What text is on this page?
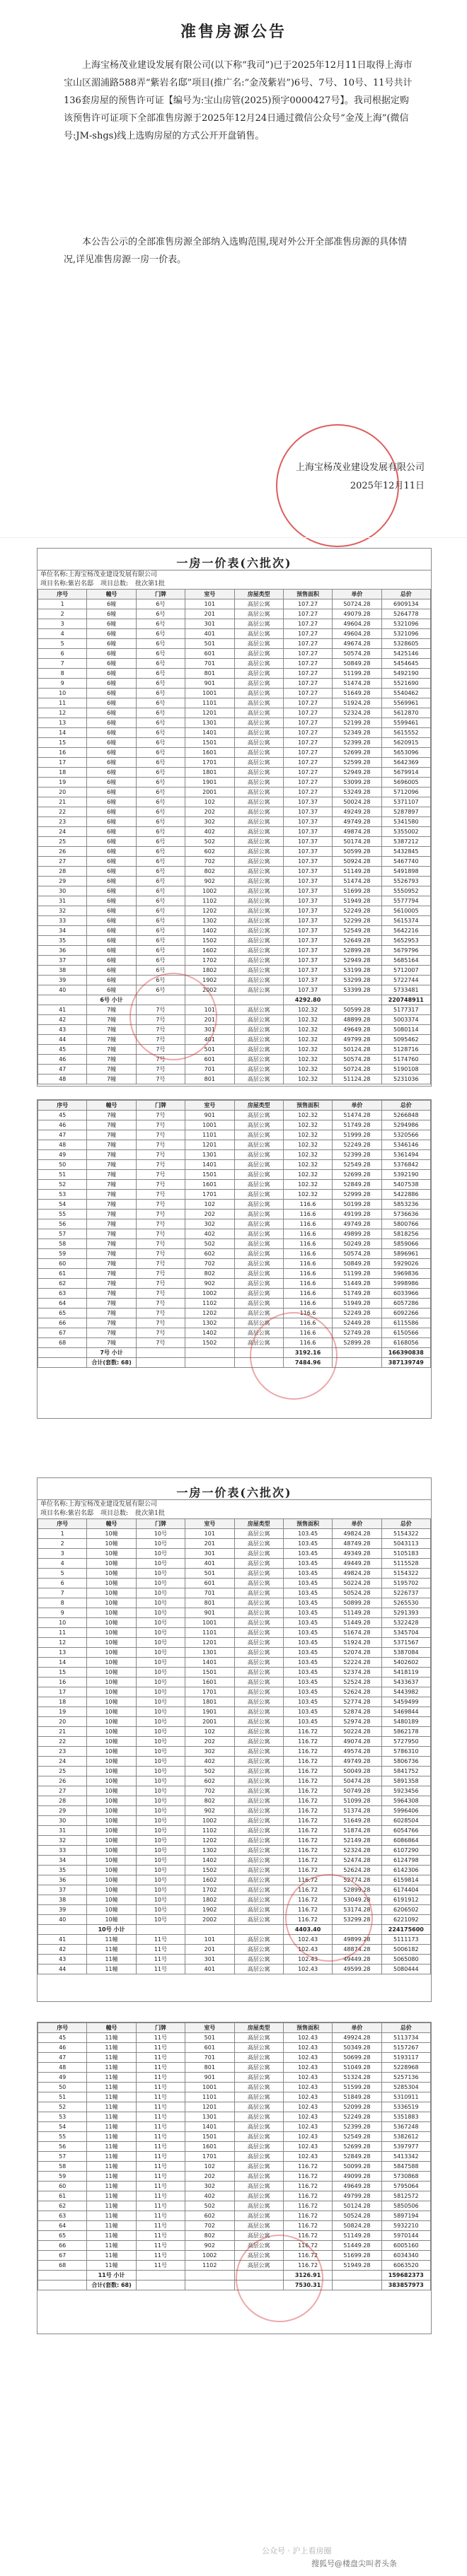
准售房源公告
上海宝杨茂业建设发展有限公司(以下称“我司”)已于2025年12月11日取得上海市宝山区湄浦路588弄“紫岩名邸”项目(推广名:“金茂紫岩”)6号、7号、10号、11号共计136套房屋的预售许可证【编号为:宝山房管(2025)预字0000427号】。我司根据定购该预售许可证项下全部准售房源于2025年12月24日通过微信公众号“金茂上海”(微信号:JM-shgs)线上选购房屋的方式公开开盘销售。
本公告公示的全部准售房源全部纳入选购范围,现对外公开全部准售房源的具体情况,详见准售房源一房一价表。
上海宝杨茂业建设发展有限公司
2025年12月11日
一房一价表(六批次)
单位名称:上海宝杨茂业建设发展有限公司
项目名称:紫岩名邸 项目总数: 批次第1批
序号	幢号	门牌	室号	房屋类型	预售面积	单价	总价
1	6幢	6号	101	高层公寓	107.27	50724.28	6909134
2	6幢	6号	201	高层公寓	107.27	49079.28	5264778
3	6幢	6号	301	高层公寓	107.27	49604.28	5321096
4	6幢	6号	401	高层公寓	107.27	49604.28	5321096
5	6幢	6号	501	高层公寓	107.27	49674.28	5328605
6	6幢	6号	601	高层公寓	107.27	50574.28	5425146
7	6幢	6号	701	高层公寓	107.27	50849.28	5454645
8	6幢	6号	801	高层公寓	107.27	51199.28	5492190
9	6幢	6号	901	高层公寓	107.27	51474.28	5521690
10	6幢	6号	1001	高层公寓	107.27	51649.28	5540462
11	6幢	6号	1101	高层公寓	107.27	51924.28	5569961
12	6幢	6号	1201	高层公寓	107.27	52324.28	5612870
13	6幢	6号	1301	高层公寓	107.27	52199.28	5599461
14	6幢	6号	1401	高层公寓	107.27	52349.28	5615552
15	6幢	6号	1501	高层公寓	107.27	52399.28	5620915
16	6幢	6号	1601	高层公寓	107.27	52699.28	5653096
17	6幢	6号	1701	高层公寓	107.27	52599.28	5642369
18	6幢	6号	1801	高层公寓	107.27	52949.28	5679914
19	6幢	6号	1901	高层公寓	107.27	53099.28	5696005
20	6幢	6号	2001	高层公寓	107.27	53249.28	5712096
21	6幢	6号	102	高层公寓	107.37	50024.28	5371107
22	6幢	6号	202	高层公寓	107.37	49249.28	5287897
23	6幢	6号	302	高层公寓	107.37	49749.28	5341580
24	6幢	6号	402	高层公寓	107.37	49874.28	5355002
25	6幢	6号	502	高层公寓	107.37	50174.28	5387212
26	6幢	6号	602	高层公寓	107.37	50599.28	5432845
27	6幢	6号	702	高层公寓	107.37	50924.28	5467740
28	6幢	6号	802	高层公寓	107.37	51149.28	5491898
29	6幢	6号	902	高层公寓	107.37	51474.28	5526793
30	6幢	6号	1002	高层公寓	107.37	51699.28	5550952
31	6幢	6号	1102	高层公寓	107.37	51949.28	5577794
32	6幢	6号	1202	高层公寓	107.37	52249.28	5610005
33	6幢	6号	1302	高层公寓	107.37	52299.28	5615374
34	6幢	6号	1402	高层公寓	107.37	52549.28	5642216
35	6幢	6号	1502	高层公寓	107.37	52649.28	5652953
36	6幢	6号	1602	高层公寓	107.37	52899.28	5679796
37	6幢	6号	1702	高层公寓	107.37	52949.28	5685164
38	6幢	6号	1802	高层公寓	107.37	53199.28	5712007
39	6幢	6号	1902	高层公寓	107.37	53299.28	5722744
40	6幢	6号	2002	高层公寓	107.37	53399.28	5733481
	6号 小计				4292.80		220748911
41	7幢	7号	101	高层公寓	102.32	50599.28	5177317
42	7幢	7号	201	高层公寓	102.32	48899.28	5003374
43	7幢	7号	301	高层公寓	102.32	49649.28	5080114
44	7幢	7号	401	高层公寓	102.32	49799.28	5095462
45	7幢	7号	501	高层公寓	102.32	50124.28	5128716
46	7幢	7号	601	高层公寓	102.32	50574.28	5174760
47	7幢	7号	701	高层公寓	102.32	50724.28	5190108
48	7幢	7号	801	高层公寓	102.32	51124.28	5231036
序号	幢号	门牌	室号	房屋类型	预售面积	单价	总价
45	7幢	7号	901	高层公寓	102.32	51474.28	5266848
46	7幢	7号	1001	高层公寓	102.32	51749.28	5294986
47	7幢	7号	1101	高层公寓	102.32	51999.28	5320566
48	7幢	7号	1201	高层公寓	102.32	52249.28	5346146
49	7幢	7号	1301	高层公寓	102.32	52399.28	5361494
50	7幢	7号	1401	高层公寓	102.32	52549.28	5376842
51	7幢	7号	1501	高层公寓	102.32	52699.28	5392190
52	7幢	7号	1601	高层公寓	102.32	52849.28	5407538
53	7幢	7号	1701	高层公寓	102.32	52999.28	5422886
54	7幢	7号	102	高层公寓	116.6	50199.28	5853236
55	7幢	7号	202	高层公寓	116.6	49199.28	5736636
56	7幢	7号	302	高层公寓	116.6	49749.28	5800766
57	7幢	7号	402	高层公寓	116.6	49899.28	5818256
58	7幢	7号	502	高层公寓	116.6	50249.28	5859066
59	7幢	7号	602	高层公寓	116.6	50574.28	5896961
60	7幢	7号	702	高层公寓	116.6	50849.28	5929026
61	7幢	7号	802	高层公寓	116.6	51199.28	5969836
62	7幢	7号	902	高层公寓	116.6	51449.28	5998986
63	7幢	7号	1002	高层公寓	116.6	51749.28	6033966
64	7幢	7号	1102	高层公寓	116.6	51949.28	6057286
65	7幢	7号	1202	高层公寓	116.6	52249.28	6092266
66	7幢	7号	1302	高层公寓	116.6	52449.28	6115586
67	7幢	7号	1402	高层公寓	116.6	52749.28	6150566
68	7幢	7号	1502	高层公寓	116.6	52899.28	6168056
	7号 小计				3192.16		166390838
	合计(套数: 68)				7484.96		387139749
一房一价表(六批次)
单位名称:上海宝杨茂业建设发展有限公司
项目名称:紫岩名邸 项目总数: 批次第1批
序号	幢号	门牌	室号	房屋类型	预售面积	单价	总价
1	10幢	10号	101	高层公寓	103.45	49824.28	5154322
2	10幢	10号	201	高层公寓	103.45	48749.28	5043113
3	10幢	10号	301	高层公寓	103.45	49349.28	5105183
4	10幢	10号	401	高层公寓	103.45	49449.28	5115528
5	10幢	10号	501	高层公寓	103.45	49824.28	5154322
6	10幢	10号	601	高层公寓	103.45	50224.28	5195702
7	10幢	10号	701	高层公寓	103.45	50524.28	5226737
8	10幢	10号	801	高层公寓	103.45	50899.28	5265530
9	10幢	10号	901	高层公寓	103.45	51149.28	5291393
10	10幢	10号	1001	高层公寓	103.45	51449.28	5322428
11	10幢	10号	1101	高层公寓	103.45	51674.28	5345704
12	10幢	10号	1201	高层公寓	103.45	51924.28	5371567
13	10幢	10号	1301	高层公寓	103.45	52074.28	5387084
14	10幢	10号	1401	高层公寓	103.45	52224.28	5402602
15	10幢	10号	1501	高层公寓	103.45	52374.28	5418119
16	10幢	10号	1601	高层公寓	103.45	52524.28	5433637
17	10幢	10号	1701	高层公寓	103.45	52624.28	5443982
18	10幢	10号	1801	高层公寓	103.45	52774.28	5459499
19	10幢	10号	1901	高层公寓	103.45	52874.28	5469844
20	10幢	10号	2001	高层公寓	103.45	52974.28	5480189
21	10幢	10号	102	高层公寓	116.72	50224.28	5862178
22	10幢	10号	202	高层公寓	116.72	49074.28	5727950
23	10幢	10号	302	高层公寓	116.72	49574.28	5786310
24	10幢	10号	402	高层公寓	116.72	49749.28	5806736
25	10幢	10号	502	高层公寓	116.72	50049.28	5841752
26	10幢	10号	602	高层公寓	116.72	50474.28	5891358
27	10幢	10号	702	高层公寓	116.72	50749.28	5923456
28	10幢	10号	802	高层公寓	116.72	51099.28	5964308
29	10幢	10号	902	高层公寓	116.72	51374.28	5996406
30	10幢	10号	1002	高层公寓	116.72	51649.28	6028504
31	10幢	10号	1102	高层公寓	116.72	51874.28	6054766
32	10幢	10号	1202	高层公寓	116.72	52149.28	6086864
33	10幢	10号	1302	高层公寓	116.72	52324.28	6107290
34	10幢	10号	1402	高层公寓	116.72	52474.28	6124798
35	10幢	10号	1502	高层公寓	116.72	52624.28	6142306
36	10幢	10号	1602	高层公寓	116.72	52774.28	6159814
37	10幢	10号	1702	高层公寓	116.72	52899.28	6174404
38	10幢	10号	1802	高层公寓	116.72	53049.28	6191912
39	10幢	10号	1902	高层公寓	116.72	53174.28	6206502
40	10幢	10号	2002	高层公寓	116.72	53299.28	6221092
	10号 小计				4403.40		224175600
41	11幢	11号	101	高层公寓	102.43	49899.28	5111173
42	11幢	11号	201	高层公寓	102.43	48874.28	5006182
43	11幢	11号	301	高层公寓	102.43	49449.28	5065080
44	11幢	11号	401	高层公寓	102.43	49599.28	5080444
序号	幢号	门牌	室号	房屋类型	预售面积	单价	总价
45	11幢	11号	501	高层公寓	102.43	49924.28	5113734
46	11幢	11号	601	高层公寓	102.43	50349.28	5157267
47	11幢	11号	701	高层公寓	102.43	50699.28	5193117
48	11幢	11号	801	高层公寓	102.43	51049.28	5228968
49	11幢	11号	901	高层公寓	102.43	51324.28	5257136
50	11幢	11号	1001	高层公寓	102.43	51599.28	5285304
51	11幢	11号	1101	高层公寓	102.43	51849.28	5310911
52	11幢	11号	1201	高层公寓	102.43	52099.28	5336519
53	11幢	11号	1301	高层公寓	102.43	52249.28	5351883
54	11幢	11号	1401	高层公寓	102.43	52399.28	5367248
55	11幢	11号	1501	高层公寓	102.43	52549.28	5382612
56	11幢	11号	1601	高层公寓	102.43	52699.28	5397977
57	11幢	11号	1701	高层公寓	102.43	52849.28	5413342
58	11幢	11号	102	高层公寓	116.72	50099.28	5847588
59	11幢	11号	202	高层公寓	116.72	49099.28	5730868
60	11幢	11号	302	高层公寓	116.72	49649.28	5795064
61	11幢	11号	402	高层公寓	116.72	49799.28	5812572
62	11幢	11号	502	高层公寓	116.72	50124.28	5850506
63	11幢	11号	602	高层公寓	116.72	50524.28	5897194
64	11幢	11号	702	高层公寓	116.72	50824.28	5932210
65	11幢	11号	802	高层公寓	116.72	51149.28	5970144
66	11幢	11号	902	高层公寓	116.72	51449.28	6005160
67	11幢	11号	1002	高层公寓	116.72	51699.28	6034340
68	11幢	11号	1102	高层公寓	116.72	51949.28	6063520
	11号 小计				3126.91		159682373
	合计(套数: 68)				7530.31		383857973
公众号 · 沪上看房圈
搜狐号@楼盘尖叫者头条
